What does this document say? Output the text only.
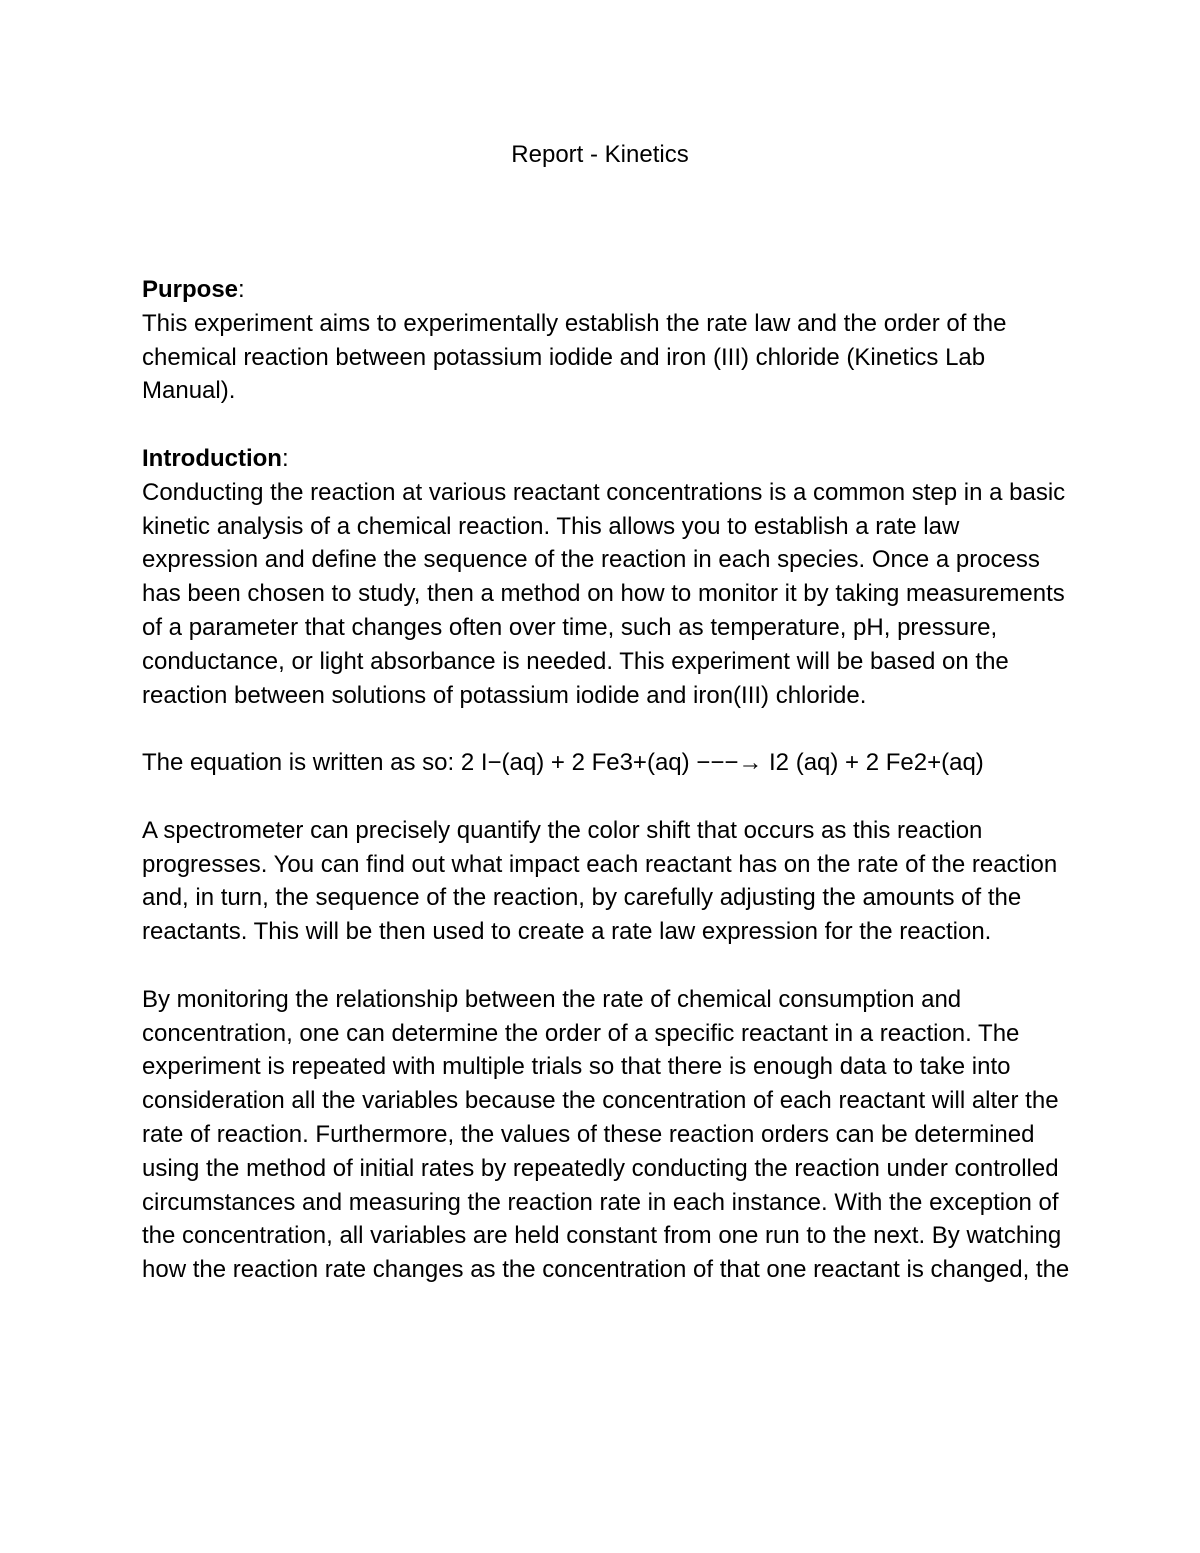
Report - Kinetics

Purpose:

This experiment aims to experimentally establish the rate law and the order of the chemical reaction between potassium iodide and iron (III) chloride (Kinetics Lab Manual).

Introduction:

Conducting the reaction at various reactant concentrations is a common step in a basic kinetic analysis of a chemical reaction. This allows you to establish a rate law expression and define the sequence of the reaction in each species. Once a process has been chosen to study, then a method on how to monitor it by taking measurements of a parameter that changes often over time, such as temperature, pH, pressure, conductance, or light absorbance is needed. This experiment will be based on the reaction between solutions of potassium iodide and iron(III) chloride.

The equation is written as so: 2 I−(aq) + 2 Fe3+(aq) −−−→ I2 (aq) + 2 Fe2+(aq)

A spectrometer can precisely quantify the color shift that occurs as this reaction progresses. You can find out what impact each reactant has on the rate of the reaction and, in turn, the sequence of the reaction, by carefully adjusting the amounts of the reactants. This will be then used to create a rate law expression for the reaction.

By monitoring the relationship between the rate of chemical consumption and concentration, one can determine the order of a specific reactant in a reaction. The experiment is repeated with multiple trials so that there is enough data to take into consideration all the variables because the concentration of each reactant will alter the rate of reaction. Furthermore, the values of these reaction orders can be determined using the method of initial rates by repeatedly conducting the reaction under controlled circumstances and measuring the reaction rate in each instance. With the exception of the concentration, all variables are held constant from one run to the next. By watching how the reaction rate changes as the concentration of that one reactant is changed, the
